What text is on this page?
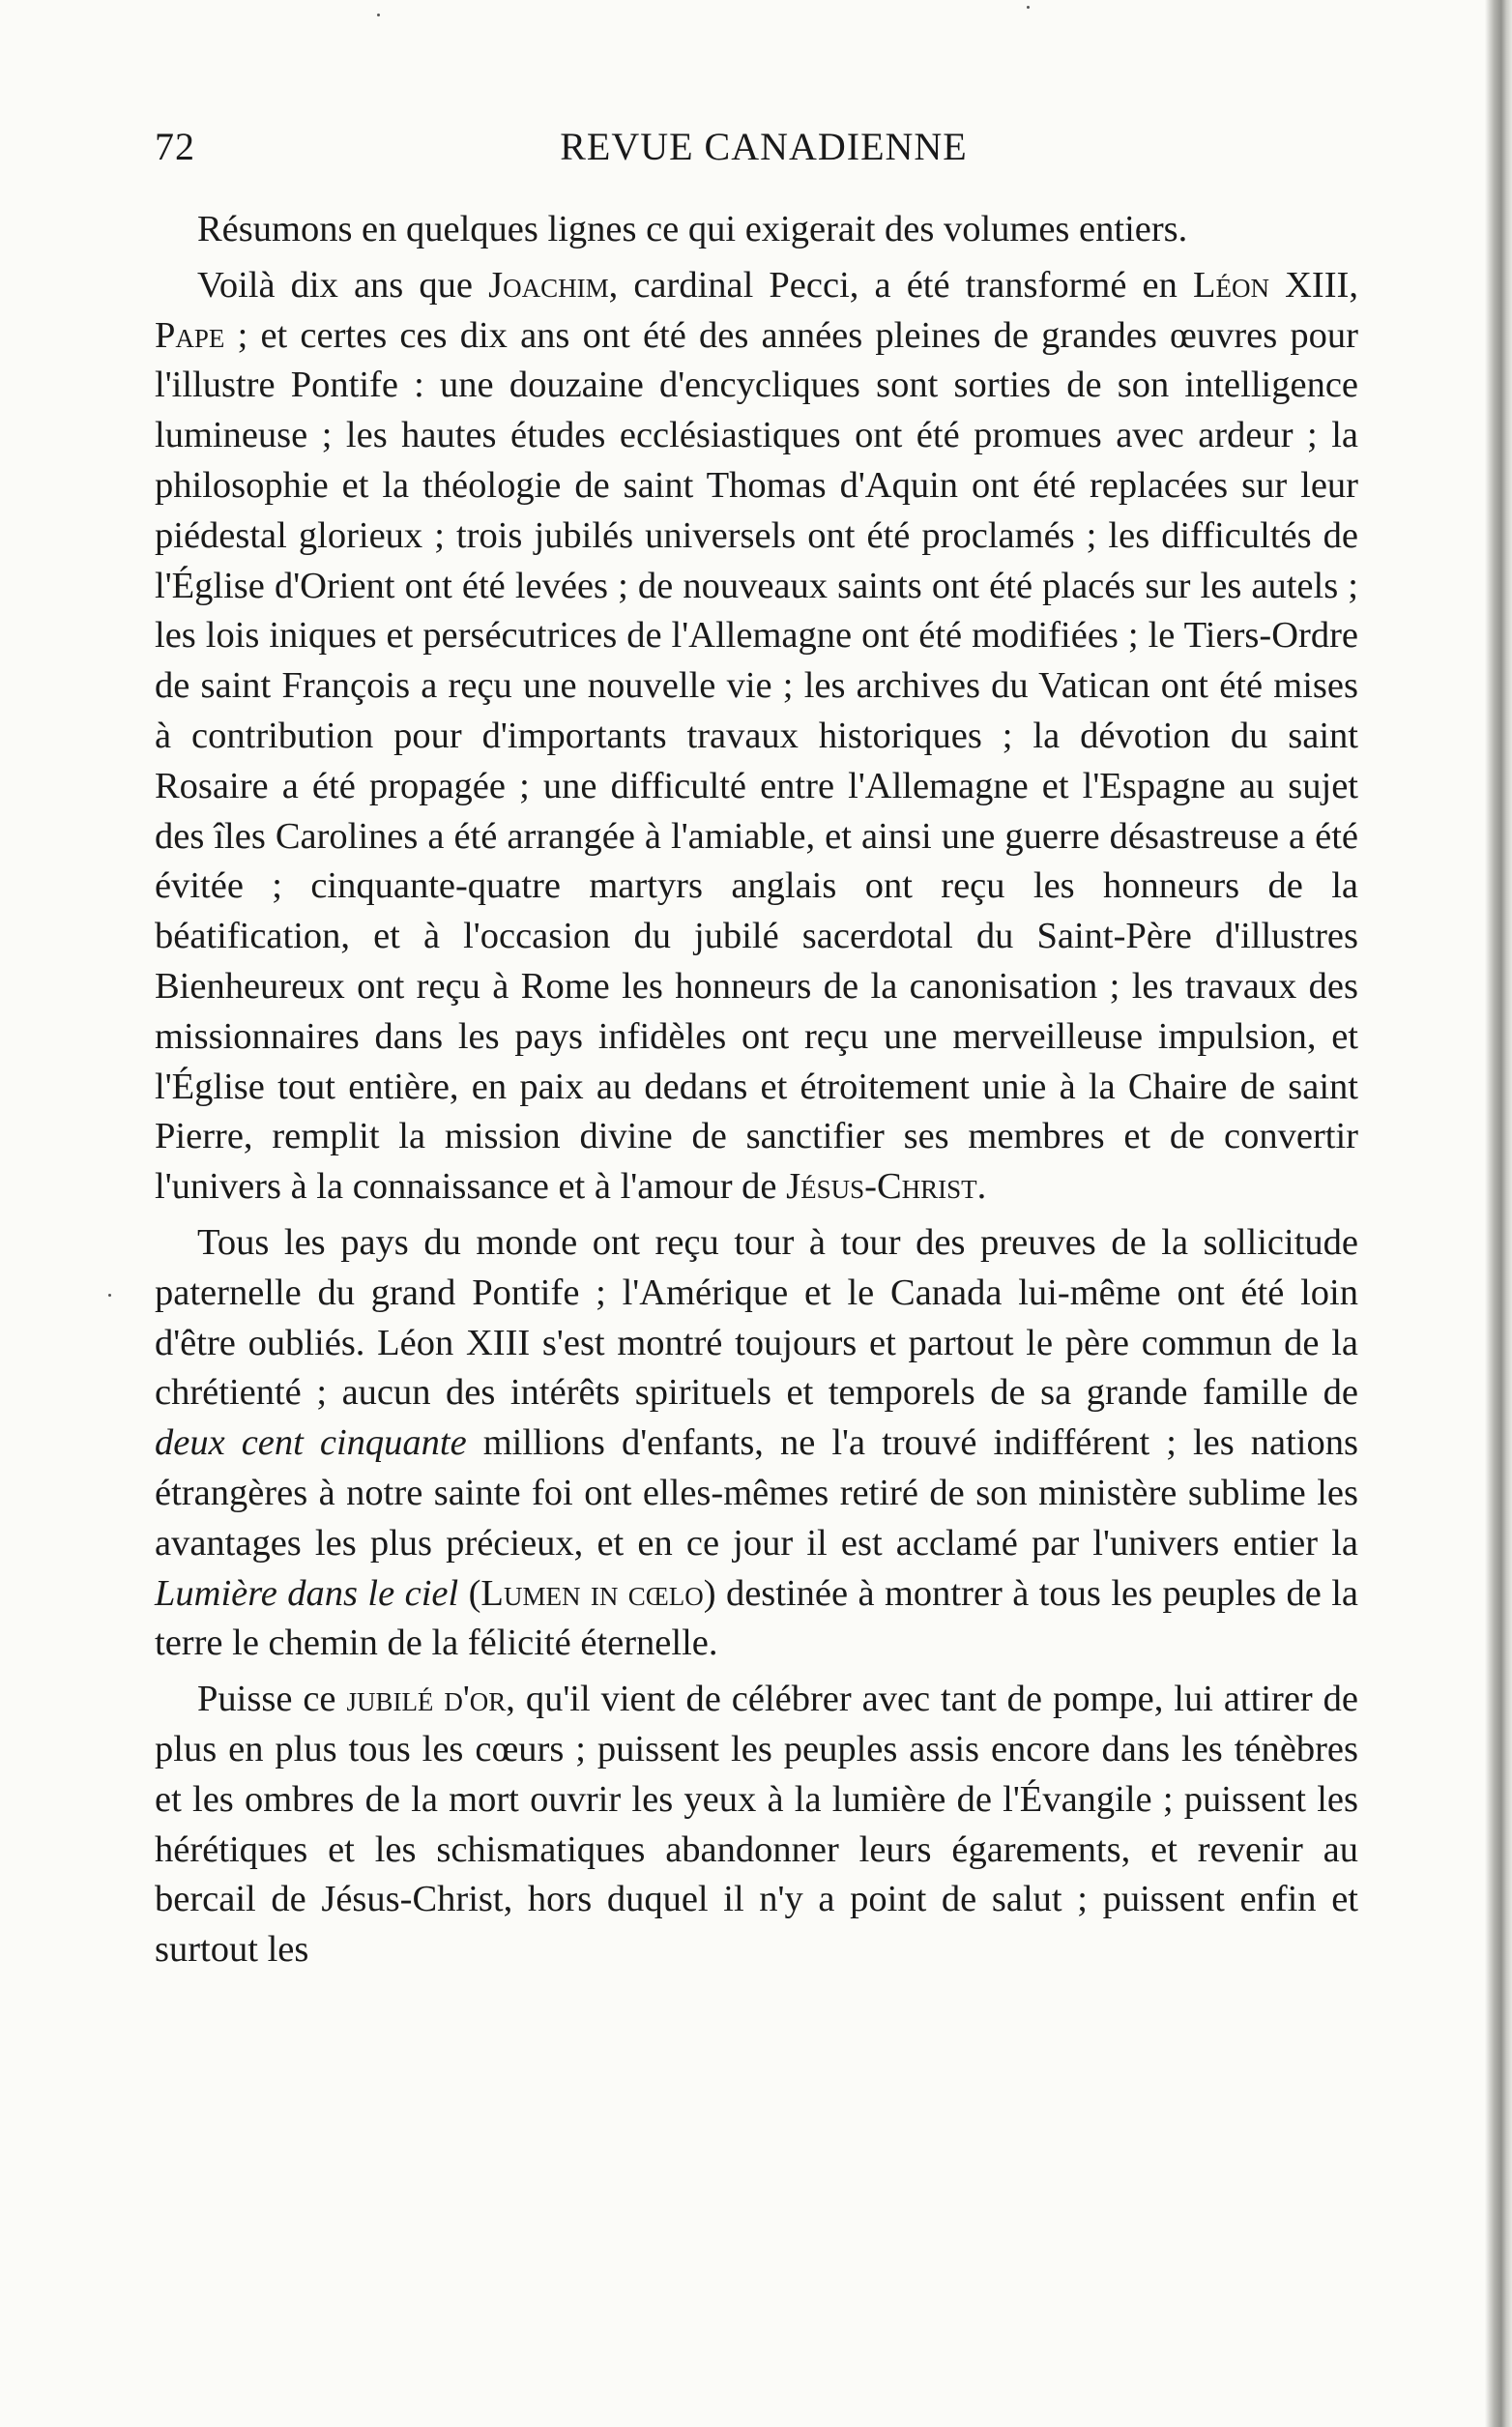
72	REVUE CANADIENNE

Résumons en quelques lignes ce qui exigerait des volumes entiers.

Voilà dix ans que Joachim, cardinal Pecci, a été transformé en Léon XIII, Pape ; et certes ces dix ans ont été des années pleines de grandes œuvres pour l'illustre Pontife : une douzaine d'encycliques sont sorties de son intelligence lumineuse ; les hautes études ecclésiastiques ont été promues avec ardeur ; la philosophie et la théologie de saint Thomas d'Aquin ont été replacées sur leur piédestal glorieux ; trois jubilés universels ont été proclamés ; les difficultés de l'Église d'Orient ont été levées ; de nouveaux saints ont été placés sur les autels ; les lois iniques et persécutrices de l'Allemagne ont été modifiées ; le Tiers-Ordre de saint François a reçu une nouvelle vie ; les archives du Vatican ont été mises à contribution pour d'importants travaux historiques ; la dévotion du saint Rosaire a été propagée ; une difficulté entre l'Allemagne et l'Espagne au sujet des îles Carolines a été arrangée à l'amiable, et ainsi une guerre désastreuse a été évitée ; cinquante-quatre martyrs anglais ont reçu les honneurs de la béatification, et à l'occasion du jubilé sacerdotal du Saint-Père d'illustres Bienheureux ont reçu à Rome les honneurs de la canonisation ; les travaux des missionnaires dans les pays infidèles ont reçu une merveilleuse impulsion, et l'Église tout entière, en paix au dedans et étroitement unie à la Chaire de saint Pierre, remplit la mission divine de sanctifier ses membres et de convertir l'univers à la connaissance et à l'amour de Jésus-Christ.

Tous les pays du monde ont reçu tour à tour des preuves de la sollicitude paternelle du grand Pontife ; l'Amérique et le Canada lui-même ont été loin d'être oubliés. Léon XIII s'est montré toujours et partout le père commun de la chrétienté ; aucun des intérêts spirituels et temporels de sa grande famille de deux cent cinquante millions d'enfants, ne l'a trouvé indifférent ; les nations étrangères à notre sainte foi ont elles-mêmes retiré de son ministère sublime les avantages les plus précieux, et en ce jour il est acclamé par l'univers entier la Lumière dans le ciel (Lumen in cœlo) destinée à montrer à tous les peuples de la terre le chemin de la félicité éternelle.

Puisse ce jubilé d'or, qu'il vient de célébrer avec tant de pompe, lui attirer de plus en plus tous les cœurs ; puissent les peuples assis encore dans les ténèbres et les ombres de la mort ouvrir les yeux à la lumière de l'Évangile ; puissent les hérétiques et les schismatiques abandonner leurs égarements, et revenir au bercail de Jésus-Christ, hors duquel il n'y a point de salut ; puissent enfin et surtout les
